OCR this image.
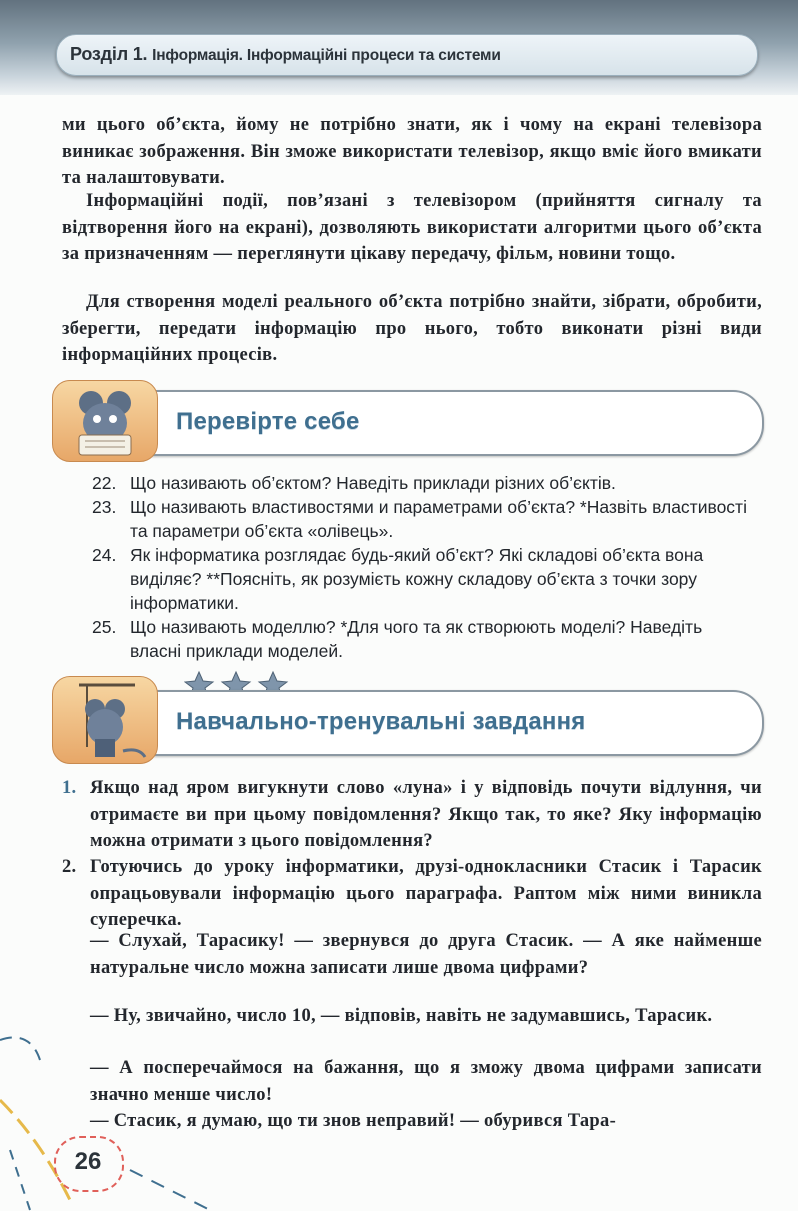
Розділ 1. Інформація. Інформаційні процеси та системи

ми цього об’єкта, йому не потрібно знати, як і чому на екрані телевізора виникає зображення. Він зможе використати телевізор, якщо вміє його вмикати та налаштовувати.

Інформаційні події, пов’язані з телевізором (прийняття сигналу та відтворення його на екрані), дозволяють використати алгоритми цього об’єкта за призначенням — переглянути цікаву передачу, фільм, новини тощо.

Для створення моделі реального об’єкта потрібно знайти, зібрати, обробити, зберегти, передати інформацію про нього, тобто виконати різні види інформаційних процесів.

Перевірте себе
22. Що називають об’єктом? Наведіть приклади різних об’єктів.
23. Що називають властивостями и параметрами об’єкта? *Назвіть властивості та параметри об’єкта «олівець».
24. Як інформатика розглядає будь-який об’єкт? Які складові об’єкта вона виділяє? **Поясніть, як розумієть кожну складову об’єкта з точки зору інформатики.
25. Що називають моделлю? *Для чого та як створюють моделі? Наведіть власні приклади моделей.
Навчально-тренувальні завдання
1. Якщо над яром вигукнути слово «луна» і у відповідь почути відлуння, чи отримаєте ви при цьому повідомлення? Якщо так, то яке? Яку інформацію можна отримати з цього повідомлення?
2. Готуючись до уроку інформатики, друзі-однокласники Стасик і Тарасик опрацьовували інформацію цього параграфа. Раптом між ними виникла суперечка.

— Слухай, Тарасику! — звернувся до друга Стасик. — А яке найменше натуральне число можна записати лише двома цифрами?

— Ну, звичайно, число 10, — відповів, навіть не задумавшись, Тарасик.

— А посперечаймося на бажання, що я зможу двома цифрами записати значно менше число!

— Стасик, я думаю, що ти знов неправий! — обурився Тара-

26
